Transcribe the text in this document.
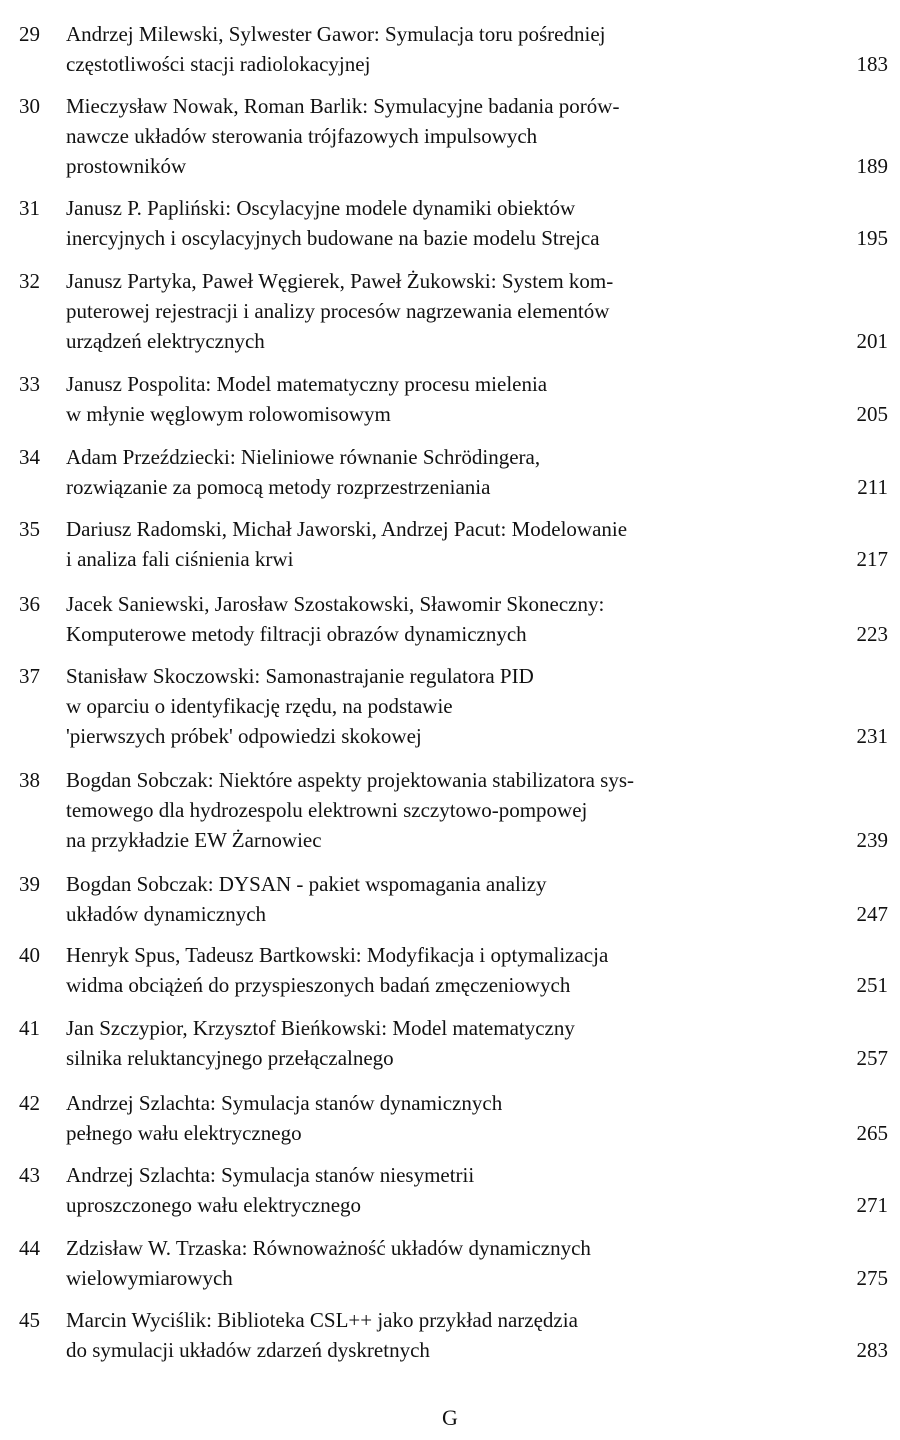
29 Andrzej Milewski, Sylwester Gawor: Symulacja toru pośredniej
częstotliwości stacji radiolokacyjnej	183
30 Mieczysław Nowak, Roman Barlik: Symulacyjne badania porów-
nawcze układów sterowania trójfazowych impulsowych
prostowników	189
31 Janusz P. Papliński: Oscylacyjne modele dynamiki obiektów
inercyjnych i oscylacyjnych budowane na bazie modelu Strejca	195
32 Janusz Partyka, Paweł Węgierek, Paweł Żukowski: System kom-
puterowej rejestracji i analizy procesów nagrzewania elementów
urządzeń elektrycznych	201
33 Janusz Pospolita: Model matematyczny procesu mielenia
w młynie węglowym rolowomisowym	205
34 Adam Przeździecki: Nieliniowe równanie Schrödingera,
rozwiązanie za pomocą metody rozprzestrzeniania	211
35 Dariusz Radomski, Michał Jaworski, Andrzej Pacut: Modelowanie
i analiza fali ciśnienia krwi	217
36 Jacek Saniewski, Jarosław Szostakowski, Sławomir Skoneczny:
Komputerowe metody filtracji obrazów dynamicznych	223
37 Stanisław Skoczowski: Samonastrajanie regulatora PID
w oparciu o identyfikację rzędu, na podstawie
'pierwszych próbek' odpowiedzi skokowej	231
38 Bogdan Sobczak: Niektóre aspekty projektowania stabilizatora sys-
temowego dla hydrozespolu elektrowni szczytowo-pompowej
na przykładzie EW Żarnowiec	239
39 Bogdan Sobczak: DYSAN - pakiet wspomagania analizy
układów dynamicznych	247
40 Henryk Spus, Tadeusz Bartkowski: Modyfikacja i optymalizacja
widma obciążeń do przyspieszonych badań zmęczeniowych	251
41 Jan Szczypior, Krzysztof Bieńkowski: Model matematyczny
silnika reluktancyjnego przełączalnego	257
42 Andrzej Szlachta: Symulacja stanów dynamicznych
pełnego wału elektrycznego	265
43 Andrzej Szlachta: Symulacja stanów niesymetrii
uproszczonego wału elektrycznego	271
44 Zdzisław W. Trzaska: Równoważność układów dynamicznych
wielowymiarowych	275
45 Marcin Wyciślik: Biblioteka CSL++ jako przykład narzędzia
do symulacji układów zdarzeń dyskretnych	283
G
